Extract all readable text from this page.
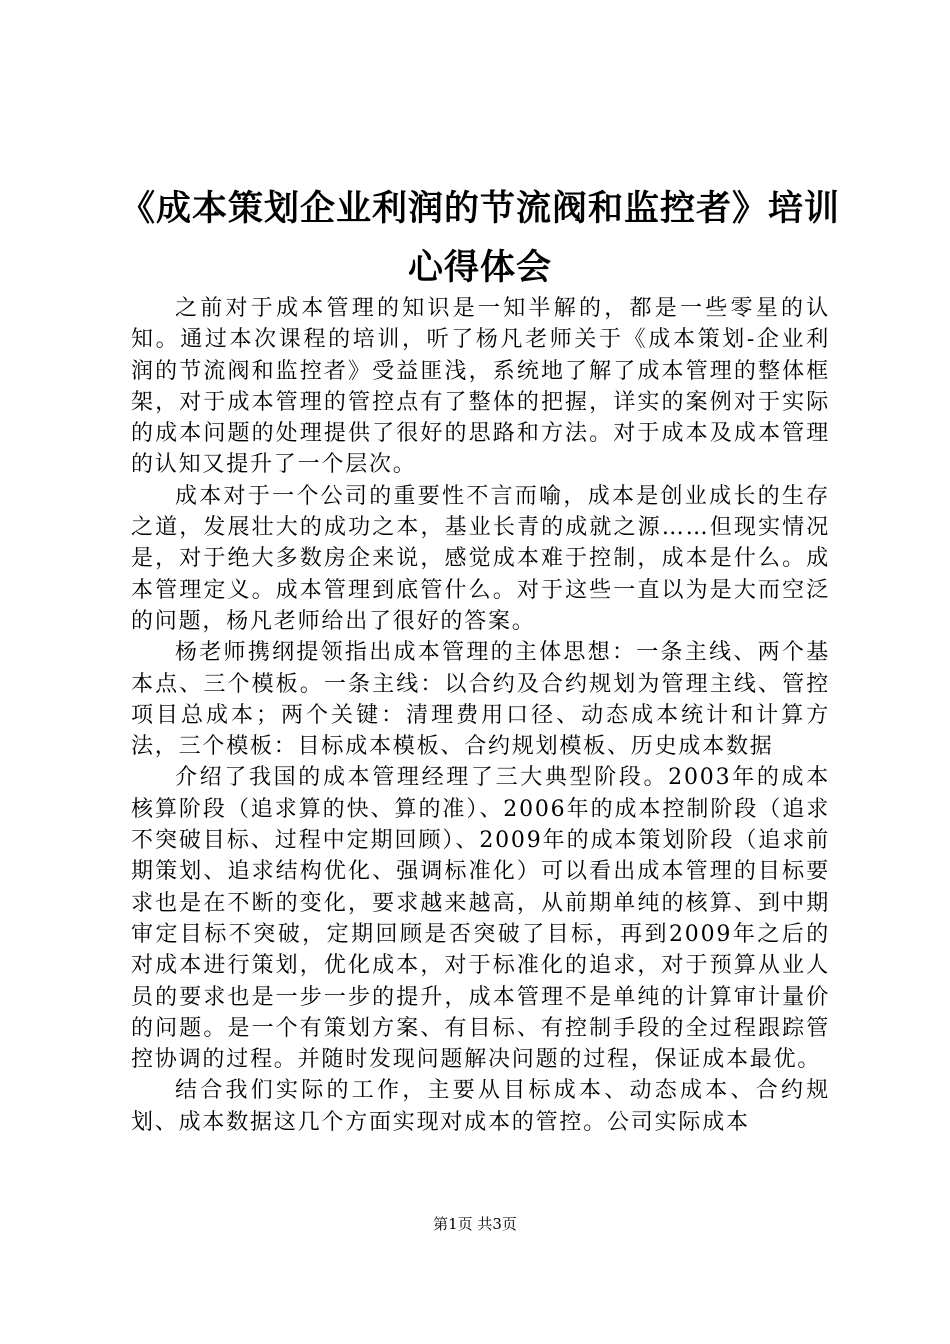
《成本策划企业利润的节流阀和监控者》培训
心得体会

之前对于成本管理的知识是一知半解的，都是一些零星的认知。通过本次课程的培训，听了杨凡老师关于《成本策划-企业利润的节流阀和监控者》受益匪浅，系统地了解了成本管理的整体框架，对于成本管理的管控点有了整体的把握，详实的案例对于实际的成本问题的处理提供了很好的思路和方法。对于成本及成本管理的认知又提升了一个层次。

成本对于一个公司的重要性不言而喻，成本是创业成长的生存之道，发展壮大的成功之本，基业长青的成就之源……但现实情况是，对于绝大多数房企来说，感觉成本难于控制，成本是什么。成本管理定义。成本管理到底管什么。对于这些一直以为是大而空泛的问题，杨凡老师给出了很好的答案。

杨老师携纲提领指出成本管理的主体思想：一条主线、两个基本点、三个模板。一条主线：以合约及合约规划为管理主线、管控项目总成本；两个关键：清理费用口径、动态成本统计和计算方法，三个模板：目标成本模板、合约规划模板、历史成本数据

介绍了我国的成本管理经理了三大典型阶段。2003年的成本核算阶段（追求算的快、算的准）、2006年的成本控制阶段（追求不突破目标、过程中定期回顾）、2009年的成本策划阶段（追求前期策划、追求结构优化、强调标准化）可以看出成本管理的目标要求也是在不断的变化，要求越来越高，从前期单纯的核算、到中期审定目标不突破，定期回顾是否突破了目标，再到2009年之后的对成本进行策划，优化成本，对于标准化的追求，对于预算从业人员的要求也是一步一步的提升，成本管理不是单纯的计算审计量价的问题。是一个有策划方案、有目标、有控制手段的全过程跟踪管控协调的过程。并随时发现问题解决问题的过程，保证成本最优。

结合我们实际的工作，主要从目标成本、动态成本、合约规划、成本数据这几个方面实现对成本的管控。公司实际成本

第1页 共3页
